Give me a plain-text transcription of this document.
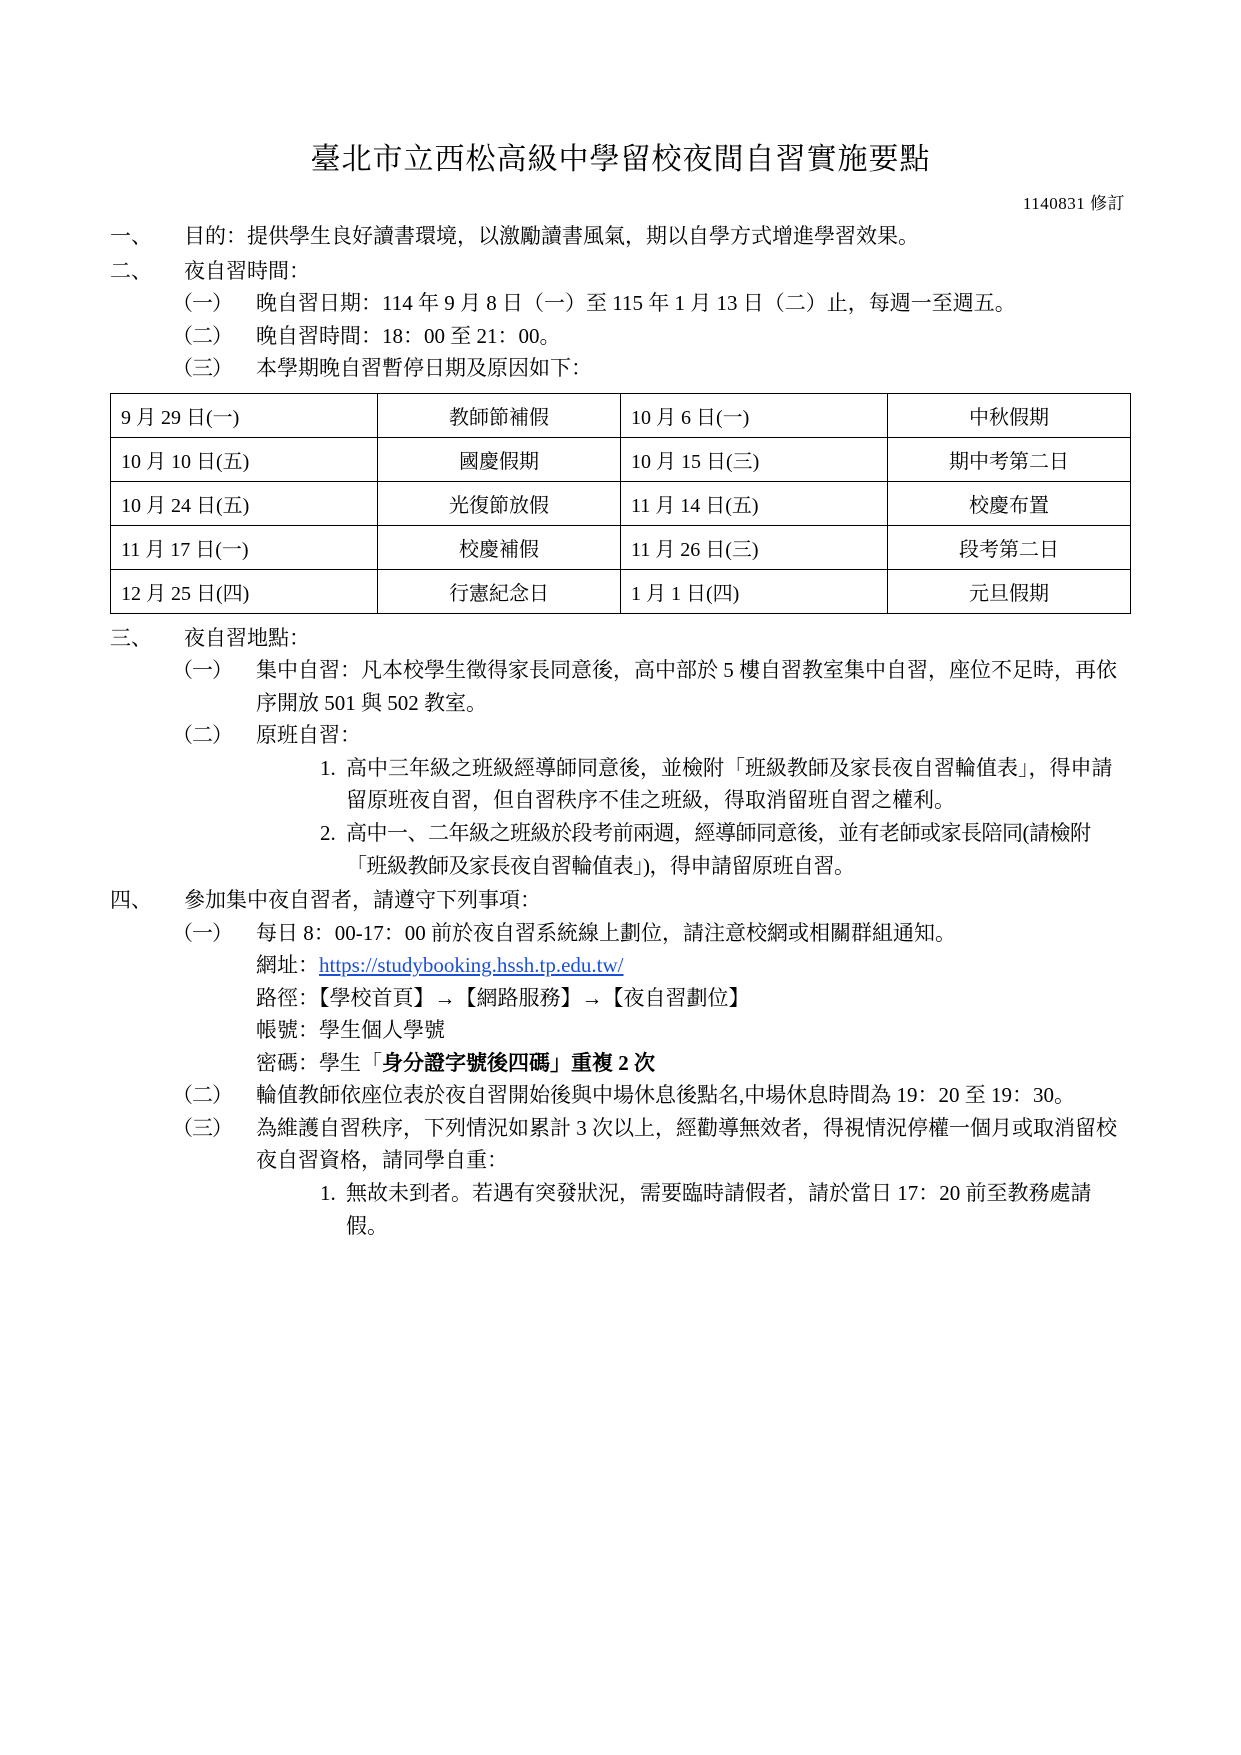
臺北市立西松高級中學留校夜間自習實施要點
1140831 修訂
一、	目的：提供學生良好讀書環境，以激勵讀書風氣，期以自學方式增進學習效果。
二、	夜自習時間：
（一）	晚自習日期：114 年 9 月 8 日（一）至 115 年 1 月 13 日（二）止，每週一至週五。
（二）	晚自習時間：18：00 至 21：00。
（三）	本學期晚自習暫停日期及原因如下：
9 月 29 日(一)	教師節補假	10 月 6 日(一)	中秋假期
10 月 10 日(五)	國慶假期	10 月 15 日(三)	期中考第二日
10 月 24 日(五)	光復節放假	11 月 14 日(五)	校慶布置
11 月 17 日(一)	校慶補假	11 月 26 日(三)	段考第二日
12 月 25 日(四)	行憲紀念日	1 月 1 日(四)	元旦假期
三、	夜自習地點：
（一）	集中自習：凡本校學生徵得家長同意後，高中部於 5 樓自習教室集中自習，座位不足時，再依序開放 501 與 502 教室。
（二）	原班自習：
1. 高中三年級之班級經導師同意後，並檢附「班級教師及家長夜自習輪值表」，得申請留原班夜自習，但自習秩序不佳之班級，得取消留班自習之權利。
2. 高中一、二年級之班級於段考前兩週，經導師同意後，並有老師或家長陪同(請檢附「班級教師及家長夜自習輪值表」)，得申請留原班自習。
四、	參加集中夜自習者，請遵守下列事項：
（一）	每日 8：00-17：00 前於夜自習系統線上劃位，請注意校網或相關群組通知。
網址：https://studybooking.hssh.tp.edu.tw/
路徑：【學校首頁】→【網路服務】→【夜自習劃位】
帳號：學生個人學號
密碼：學生「身分證字號後四碼」重複 2 次
（二）	輪值教師依座位表於夜自習開始後與中場休息後點名,中場休息時間為 19：20 至 19：30。
（三）	為維護自習秩序，下列情況如累計 3 次以上，經勸導無效者，得視情況停權一個月或取消留校夜自習資格，請同學自重：
1. 無故未到者。若遇有突發狀況，需要臨時請假者，請於當日 17：20 前至教務處請假。
